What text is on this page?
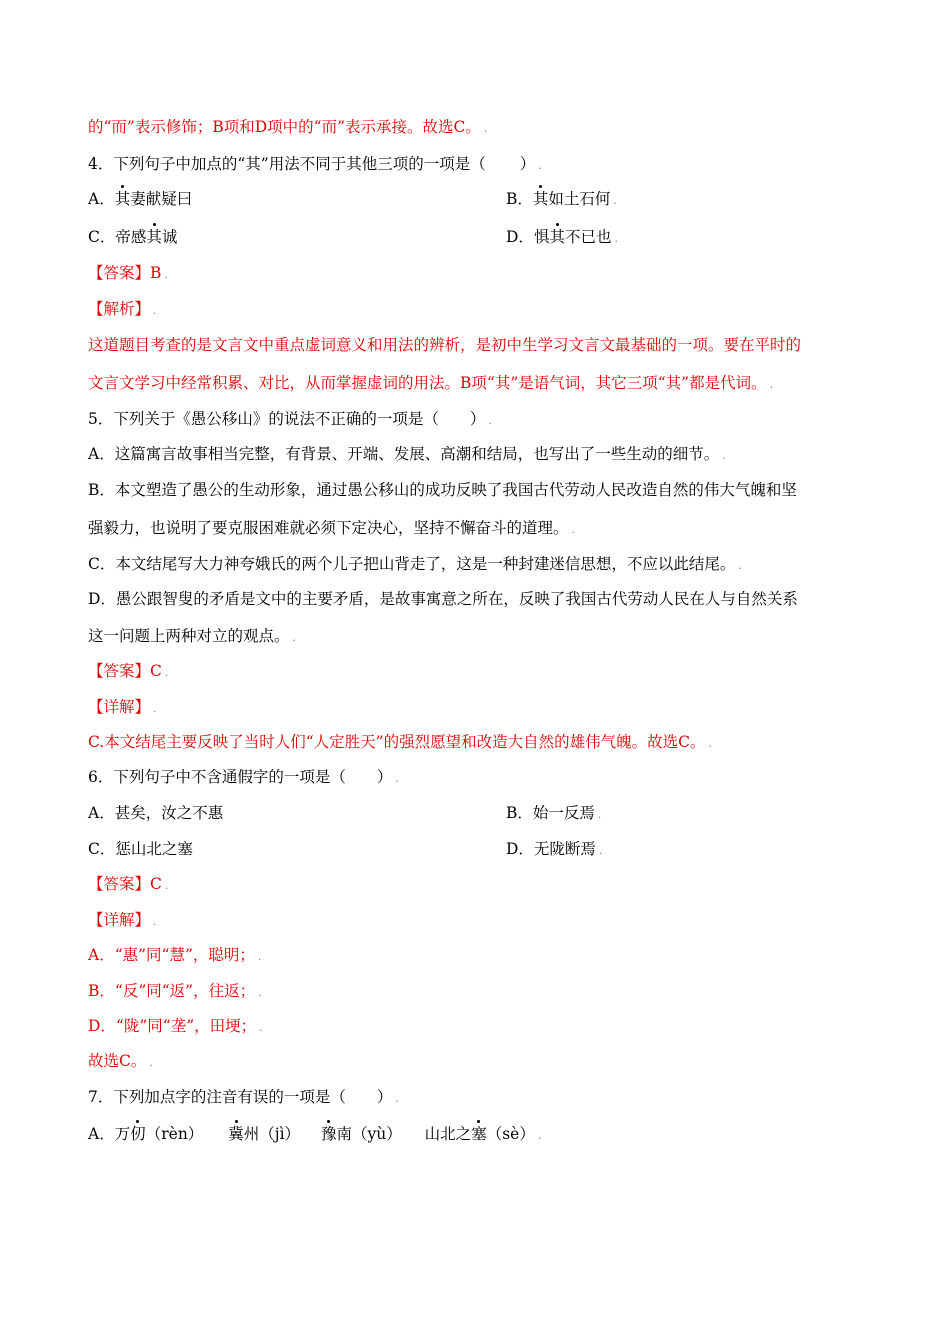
的“而”表示修饰；B项和D项中的“而”表示承接。故选C。 .
4．下列句子中加点的“其”用法不同于其他三项的一项是（ ） .
A．其妻献疑曰	B．其如土石何 .
C．帝感其诚	D．惧其不已也 .
【答案】B .
【解析】 .
这道题目考查的是文言文中重点虚词意义和用法的辨析，是初中生学习文言文最基础的一项。要在平时的
文言文学习中经常积累、对比，从而掌握虚词的用法。B项“其”是语气词，其它三项“其”都是代词。 .
5．下列关于《愚公移山》的说法不正确的一项是（　　） .
A．这篇寓言故事相当完整，有背景、开端、发展、高潮和结局，也写出了一些生动的细节。 .
B．本文塑造了愚公的生动形象，通过愚公移山的成功反映了我国古代劳动人民改造自然的伟大气魄和坚
强毅力，也说明了要克服困难就必须下定决心，坚持不懈奋斗的道理。 .
C．本文结尾写大力神夸娥氏的两个儿子把山背走了，这是一种封建迷信思想，不应以此结尾。 .
D．愚公跟智叟的矛盾是文中的主要矛盾，是故事寓意之所在，反映了我国古代劳动人民在人与自然关系
这一问题上两种对立的观点。 .
【答案】C .
【详解】 .
C.本文结尾主要反映了当时人们“人定胜天”的强烈愿望和改造大自然的雄伟气魄。故选C。 .
6．下列句子中不含通假字的一项是（　　） .
A．甚矣，汝之不惠	B．始一反焉 .
C．惩山北之塞	D．无陇断焉 .
【答案】C .
【详解】 .
A．“惠”同“慧”，聪明； .
B．“反”同“返”，往返； .
D．“陇”同“垄”，田埂； .
故选C。 .
7．下列加点字的注音有误的一项是（　　） .
A．万仞（rèn） 冀州（jì） 豫南（yù） 山北之塞（sè） .
